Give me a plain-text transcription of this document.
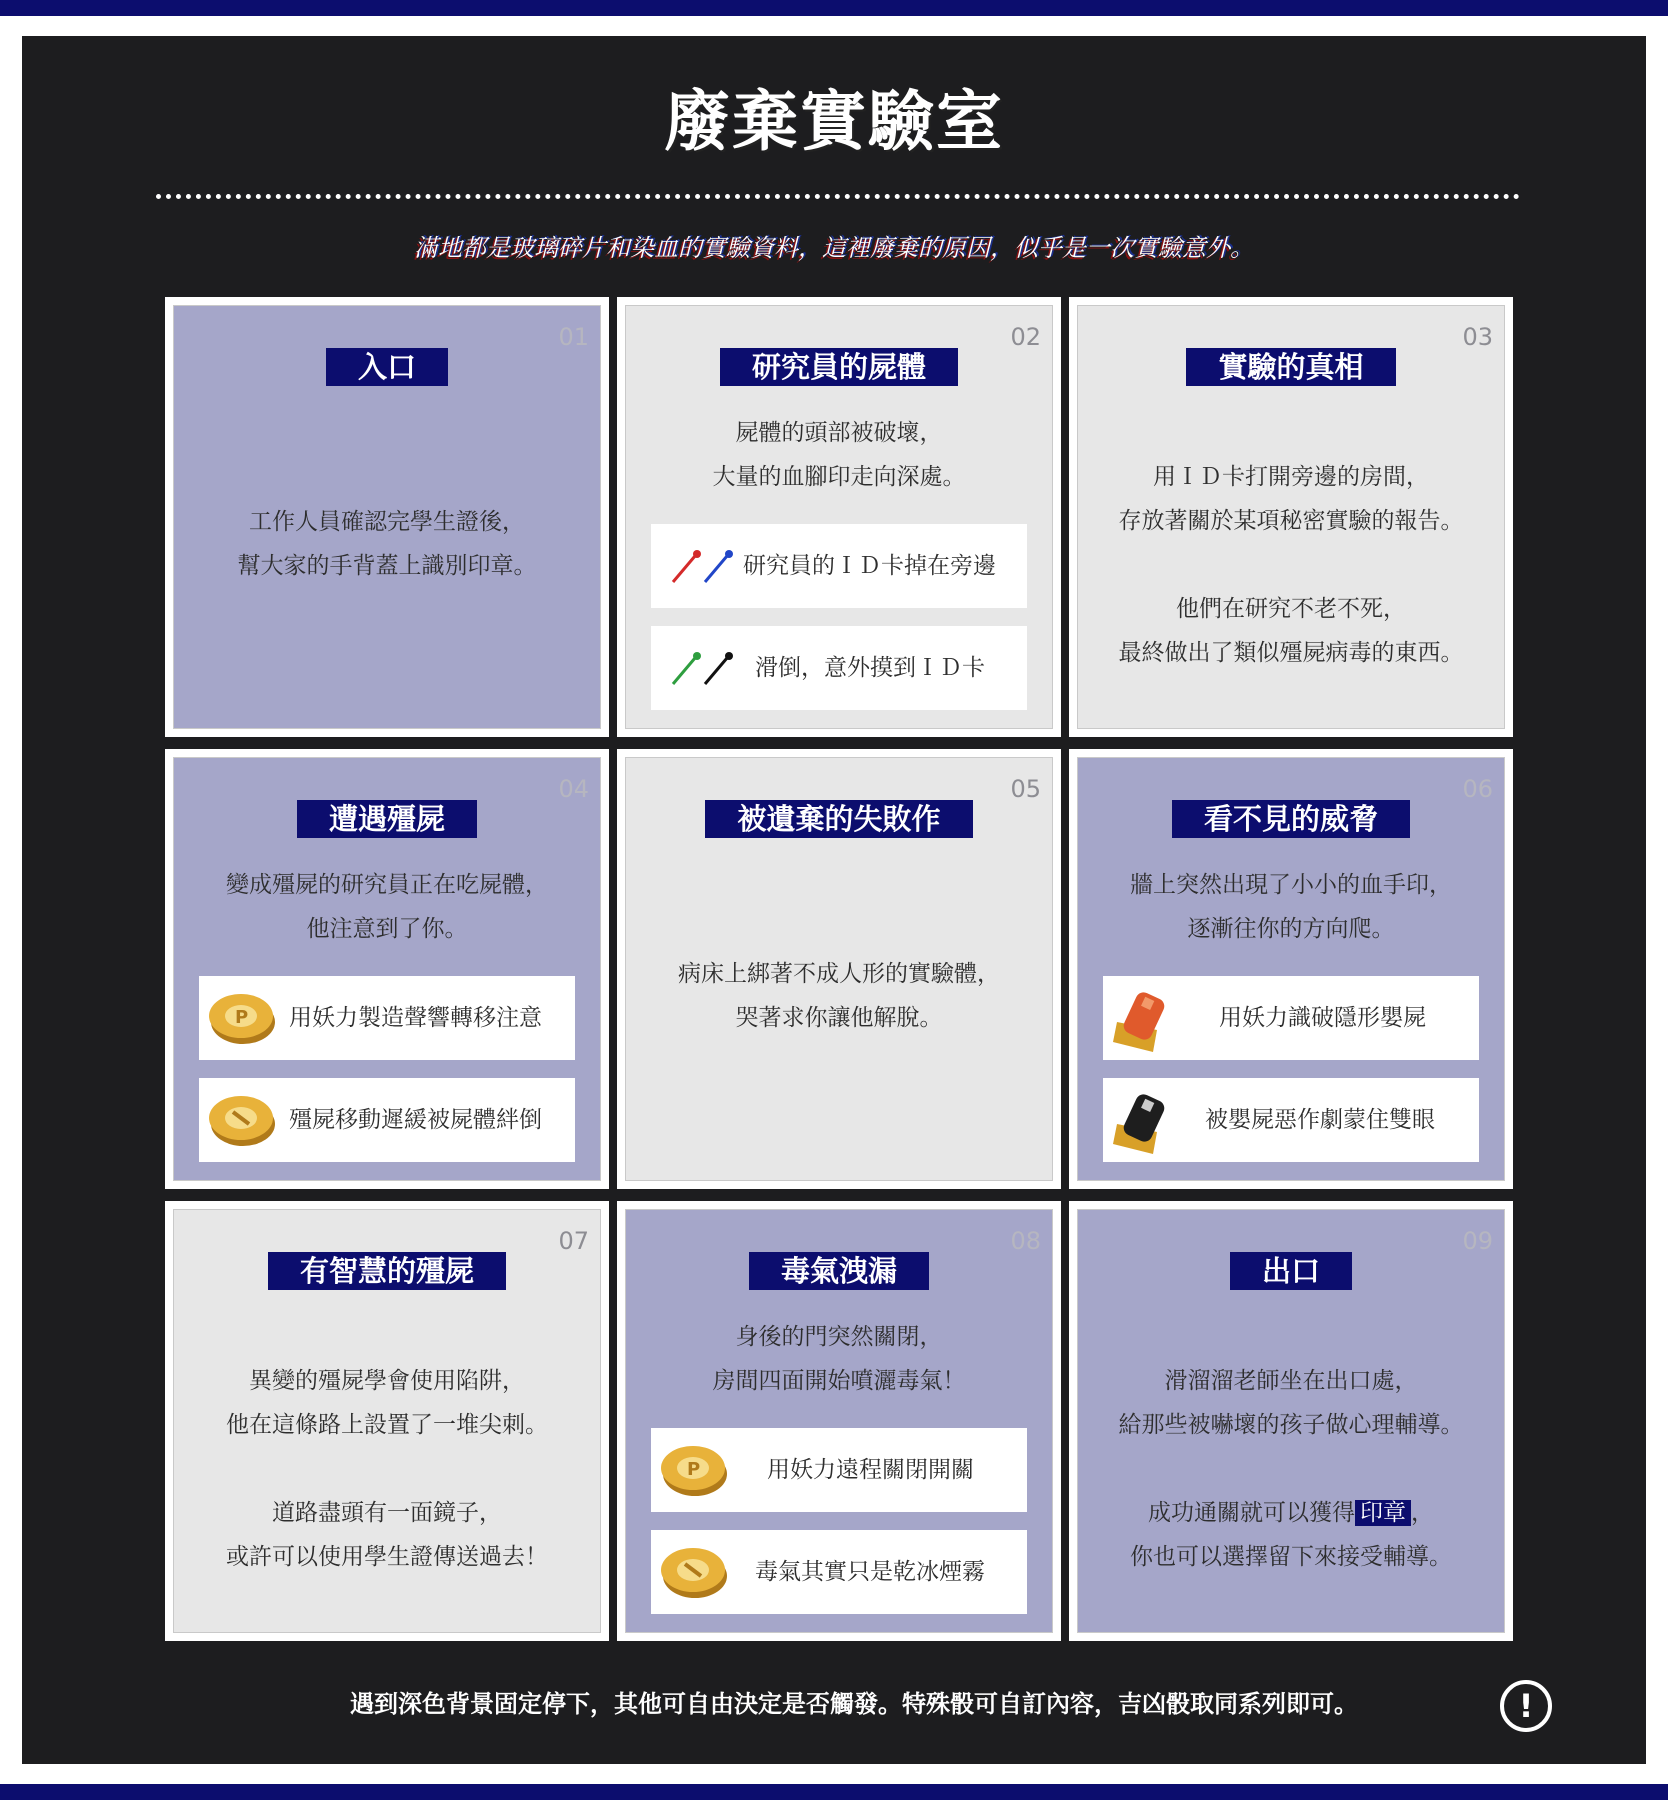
廢棄實驗室
滿地都是玻璃碎片和染血的實驗資料，這裡廢棄的原因，似乎是一次實驗意外。
01
入口
工作人員確認完學生證後，
幫大家的手背蓋上識別印章。
02
研究員的屍體
屍體的頭部被破壞，
大量的血腳印走向深處。
研究員的ＩＤ卡掉在旁邊
滑倒，意外摸到ＩＤ卡
03
實驗的真相
用ＩＤ卡打開旁邊的房間，
存放著關於某項秘密實驗的報告。
他們在研究不老不死，
最終做出了類似殭屍病毒的東西。
04
遭遇殭屍
變成殭屍的研究員正在吃屍體，
他注意到了你。
P 用妖力製造聲響轉移注意
殭屍移動遲緩被屍體絆倒
05
被遺棄的失敗作
病床上綁著不成人形的實驗體，
哭著求你讓他解脫。
06
看不見的威脅
牆上突然出現了小小的血手印，
逐漸往你的方向爬。
用妖力識破隱形嬰屍
被嬰屍惡作劇蒙住雙眼
07
有智慧的殭屍
異變的殭屍學會使用陷阱，
他在這條路上設置了一堆尖刺。
道路盡頭有一面鏡子，
或許可以使用學生證傳送過去！
08
毒氣洩漏
身後的門突然關閉，
房間四面開始噴灑毒氣！
P	用妖力遠程關閉開關
毒氣其實只是乾冰煙霧
09
出口
滑溜溜老師坐在出口處，
給那些被嚇壞的孩子做心理輔導。
成功通關就可以獲得 印章 ，
你也可以選擇留下來接受輔導。
遇到深色背景固定停下，其他可自由決定是否觸發。特殊骰可自訂內容，吉凶骰取同系列即可。	!
